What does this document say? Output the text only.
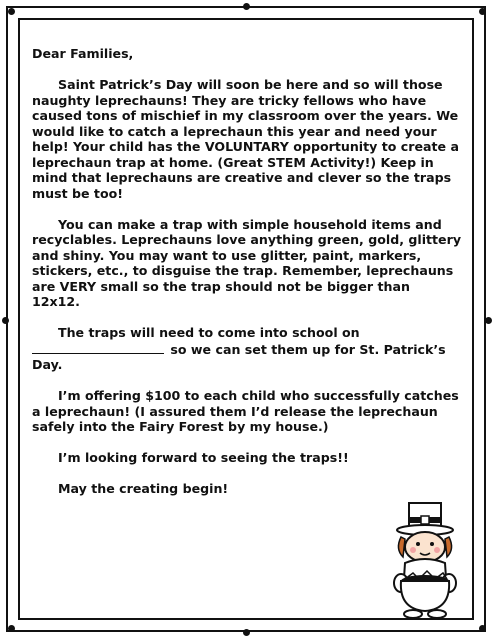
Dear Families,

Saint Patrick’s Day will soon be here and so will those naughty leprechauns! They are tricky fellows who have caused tons of mischief in my classroom over the years. We would like to catch a leprechaun this year and need your help! Your child has the VOLUNTARY opportunity to create a leprechaun trap at home. (Great STEM Activity!) Keep in mind that leprechauns are creative and clever so the traps must be too!

You can make a trap with simple household items and recyclables. Leprechauns love anything green, gold, glittery and shiny. You may want to use glitter, paint, markers, stickers, etc., to disguise the trap. Remember, leprechauns are VERY small so the trap should not be bigger than 12x12.

The traps will need to come into school on  so we can set them up for St. Patrick’s Day.

I’m offering $100 to each child who successfully catches a leprechaun! (I assured them I’d release the leprechaun safely into the Fairy Forest by my house.)

I’m looking forward to seeing the traps!!

May the creating begin!
